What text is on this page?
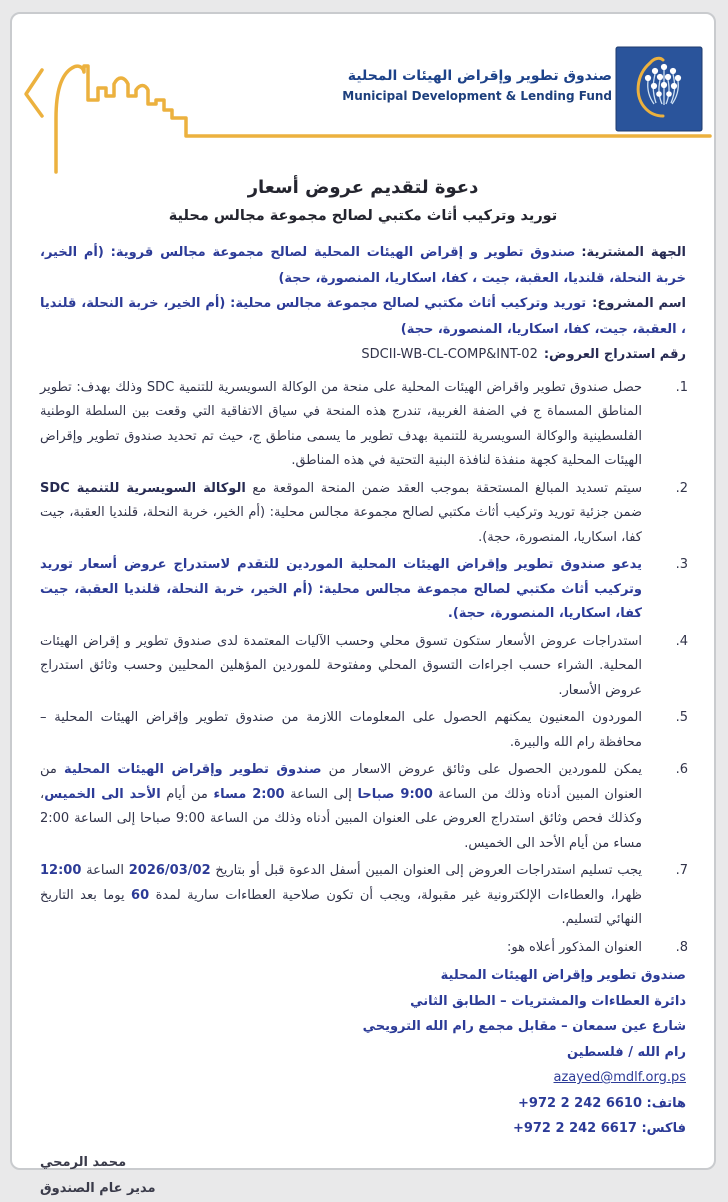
صندوق تطوير وإقراض الهيئات المحلية
Municipal Development & Lending Fund
دعوة لتقديم عروض أسعار
توريد وتركيب أثاث مكتبي لصالح مجموعة مجالس محلية
الجهة المشترية:صندوق تطوير و إقراض الهيئات المحلية لصالح مجموعة مجالس قروية: (أم الخير، خربة النحلة، قلنديا، العقبة، جيت ، كفا، اسكاريا، المنصورة، حجة)
اسم المشروع:توريد وتركيب أثاث مكتبي لصالح مجموعة مجالس محلية: (أم الخير، خربة النحلة، قلنديا ، العقبة، جيت، كفا، اسكاريا، المنصورة، حجة)
رقم استدراج العروض:SDCII-WB-CL-COMP&INT-02
1.
حصل صندوق تطوير واقراض الهيئات المحلية على منحة من الوكالة السويسرية للتنمية SDC وذلك بهدف: تطوير المناطق المسماة ج في الضفة الغربية، تندرج هذه المنحة في سياق الاتفاقية التي وقعت بين السلطة الوطنية الفلسطينية والوكالة السويسرية للتنمية بهدف تطوير ما يسمى مناطق ج، حيث تم تحديد صندوق تطوير وإقراض الهيئات المحلية كجهة منفذة لنافذة البنية التحتية في هذه المناطق.
2.
سيتم تسديد المبالغ المستحقة بموجب العقد ضمن المنحة الموقعة مع الوكالة السويسرية للتنمية SDC ضمن جزئية توريد وتركيب أثاث مكتبي لصالح مجموعة مجالس محلية: (أم الخير، خربة النحلة، قلنديا العقبة، جيت كفا، اسكاريا، المنصورة، حجة).
3.
يدعو صندوق تطوير وإقراض الهيئات المحلية الموردين للتقدم لاستدراج عروض أسعار توريد وتركيب أثاث مكتبي لصالح مجموعة مجالس محلية: (أم الخير، خربة النحلة، قلنديا العقبة، جيت كفا، اسكاريا، المنصورة، حجة).
4.
استدراجات عروض الأسعار ستكون تسوق محلي وحسب الآليات المعتمدة لدى صندوق تطوير و إقراض الهيئات المحلية. الشراء حسب اجراءات التسوق المحلي ومفتوحة للموردين المؤهلين المحليين وحسب وثائق استدراج عروض الأسعار.
5.
الموردون المعنيون يمكنهم الحصول على المعلومات اللازمة من صندوق تطوير وإقراض الهيئات المحلية – محافظة رام الله والبيرة.
6.
يمكن للموردين الحصول على وثائق عروض الاسعار من صندوق تطوير وإقراض الهيئات المحلية من العنوان المبين أدناه وذلك من الساعة 9:00 صباحا إلى الساعة 2:00 مساء من أيام الأحد الى الخميس، وكذلك فحص وثائق استدراج العروض على العنوان المبين أدناه وذلك من الساعة 9:00 صباحا إلى الساعة 2:00 مساء من أيام الأحد الى الخميس.
7.
يجب تسليم استدراجات العروض إلى العنوان المبين أسفل الدعوة قبل أو بتاريخ 2026/03/02 الساعة 12:00 ظهرا، والعطاءات الإلكترونية غير مقبولة، ويجب أن تكون صلاحية العطاءات سارية لمدة 60 يوما بعد التاريخ النهائي لتسليم.
8.
العنوان المذكور أعلاه هو:
صندوق تطوير وإقراض الهيئات المحلية
دائرة العطاءات والمشتريات – الطابق الثاني
شارع عين سمعان – مقابل مجمع رام الله الترويحي
رام الله / فلسطين
azayed@mdlf.org.ps
هاتف: +972 2 242 6610
فاكس: +972 2 242 6617
محمد الرمحي
مدير عام الصندوق
